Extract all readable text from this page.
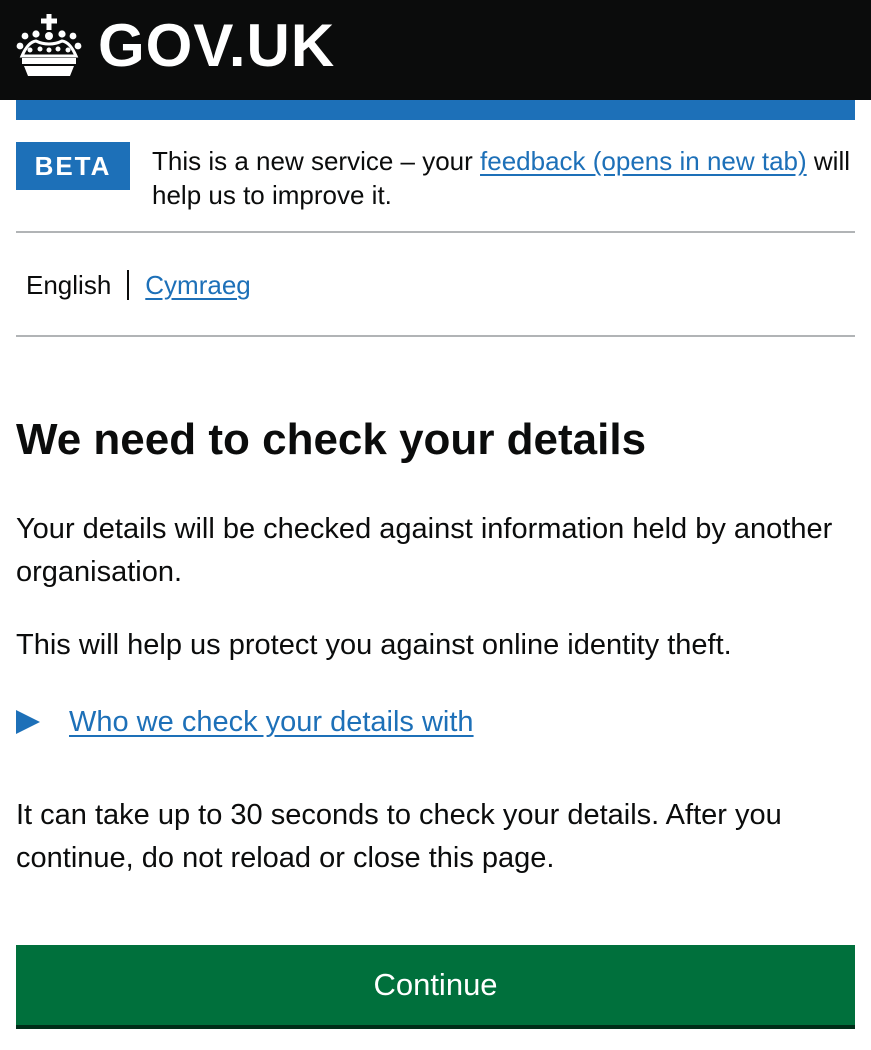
GOV.UK
BETA	This is a new service – your feedback (opens in new tab) will help us to improve it.
English Cymraeg
We need to check your details

Your details will be checked against information held by another organisation.

This will help us protect you against online identity theft.

Who we check your details with

It can take up to 30 seconds to check your details. After you continue, do not reload or close this page.

Continue
